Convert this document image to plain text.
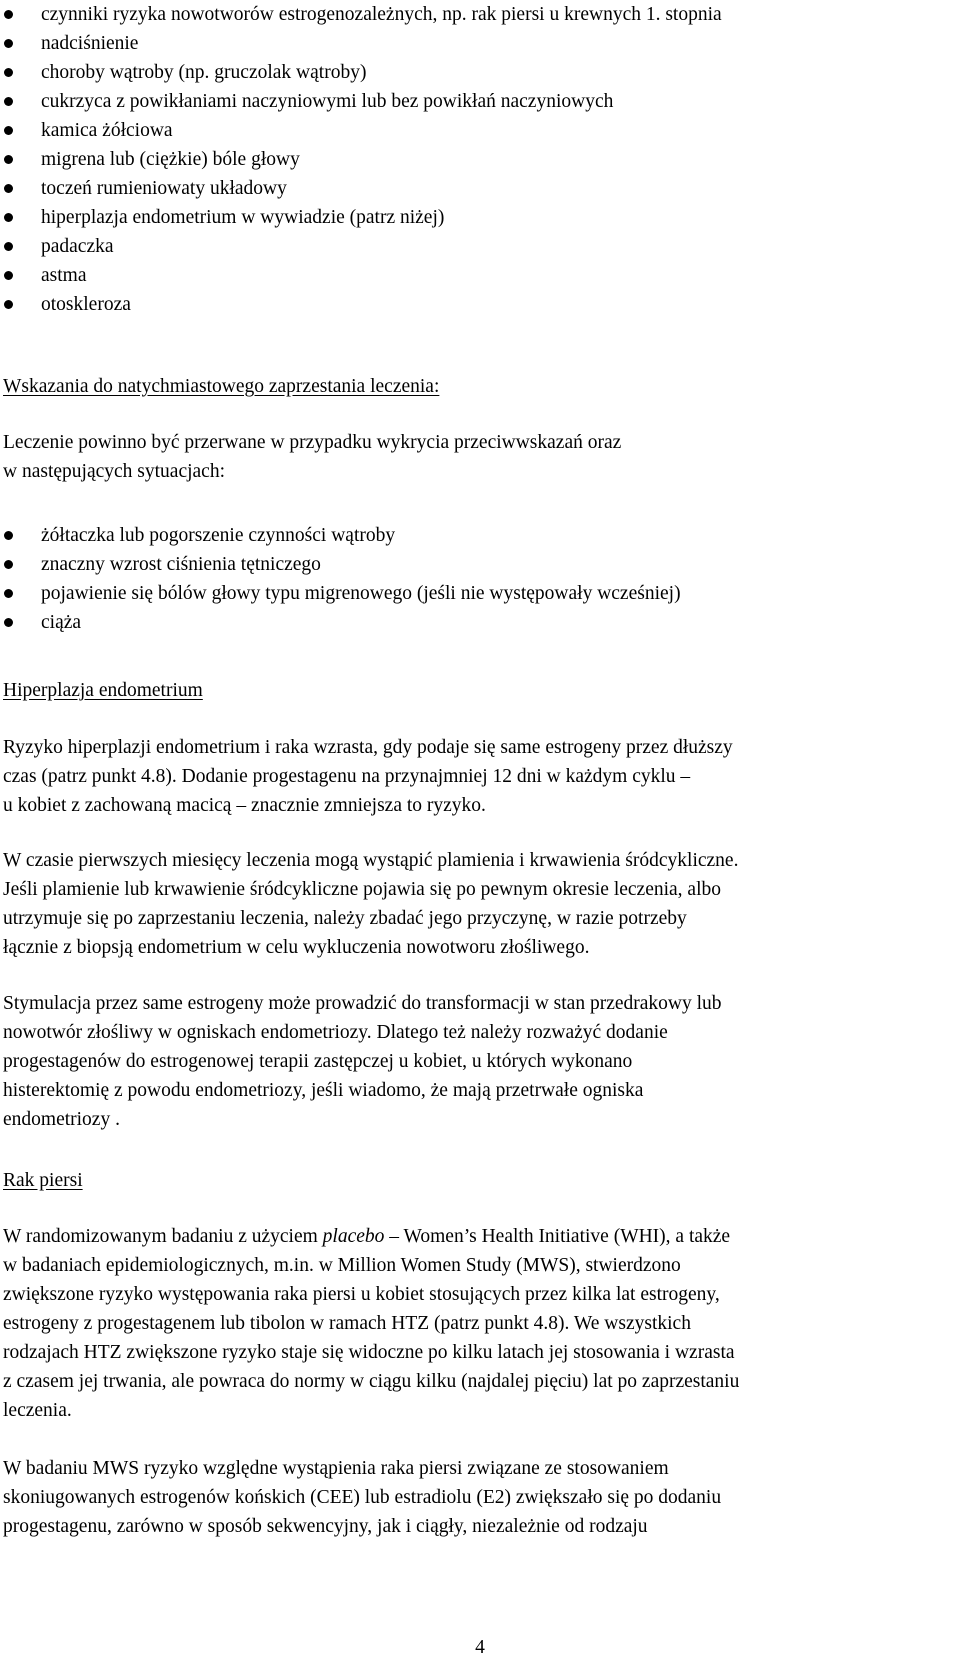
czynniki ryzyka nowotworów estrogenozależnych, np. rak piersi u krewnych 1. stopnia
nadciśnienie
choroby wątroby (np. gruczolak wątroby)
cukrzyca z powikłaniami naczyniowymi lub bez powikłań naczyniowych
kamica żółciowa
migrena lub (ciężkie) bóle głowy
toczeń rumieniowaty układowy
hiperplazja endometrium w wywiadzie (patrz niżej)
padaczka
astma
otoskleroza

Wskazania do natychmiastowego zaprzestania leczenia:

Leczenie powinno być przerwane w przypadku wykrycia przeciwwskazań oraz
w następujących sytuacjach:
żółtaczka lub pogorszenie czynności wątroby
znaczny wzrost ciśnienia tętniczego
pojawienie się bólów głowy typu migrenowego (jeśli nie występowały wcześniej)
ciąża

Hiperplazja endometrium

Ryzyko hiperplazji endometrium i raka wzrasta, gdy podaje się same estrogeny przez dłuższy
czas (patrz punkt 4.8). Dodanie progestagenu na przynajmniej 12 dni w każdym cyklu –
u kobiet z zachowaną macicą – znacznie zmniejsza to ryzyko.
W czasie pierwszych miesięcy leczenia mogą wystąpić plamienia i krwawienia śródcykliczne.
Jeśli plamienie lub krwawienie śródcykliczne pojawia się po pewnym okresie leczenia, albo
utrzymuje się po zaprzestaniu leczenia, należy zbadać jego przyczynę, w razie potrzeby
łącznie z biopsją endometrium w celu wykluczenia nowotworu złośliwego.
Stymulacja przez same estrogeny może prowadzić do transformacji w stan przedrakowy lub
nowotwór złośliwy w ogniskach endometriozy. Dlatego też należy rozważyć dodanie
progestagenów do estrogenowej terapii zastępczej u kobiet, u których wykonano
histerektomię z powodu endometriozy, jeśli wiadomo, że mają przetrwałe ogniska
endometriozy .

Rak piersi

W randomizowanym badaniu z użyciem placebo – Women’s Health Initiative (WHI), a także
w badaniach epidemiologicznych, m.in. w Million Women Study (MWS), stwierdzono
zwiększone ryzyko występowania raka piersi u kobiet stosujących przez kilka lat estrogeny,
estrogeny z progestagenem lub tibolon w ramach HTZ (patrz punkt 4.8). We wszystkich
rodzajach HTZ zwiększone ryzyko staje się widoczne po kilku latach jej stosowania i wzrasta
z czasem jej trwania, ale powraca do normy w ciągu kilku (najdalej pięciu) lat po zaprzestaniu
leczenia.
W badaniu MWS ryzyko względne wystąpienia raka piersi związane ze stosowaniem
skoniugowanych estrogenów końskich (CEE) lub estradiolu (E2) zwiększało się po dodaniu
progestagenu, zarówno w sposób sekwencyjny, jak i ciągły, niezależnie od rodzaju
4
